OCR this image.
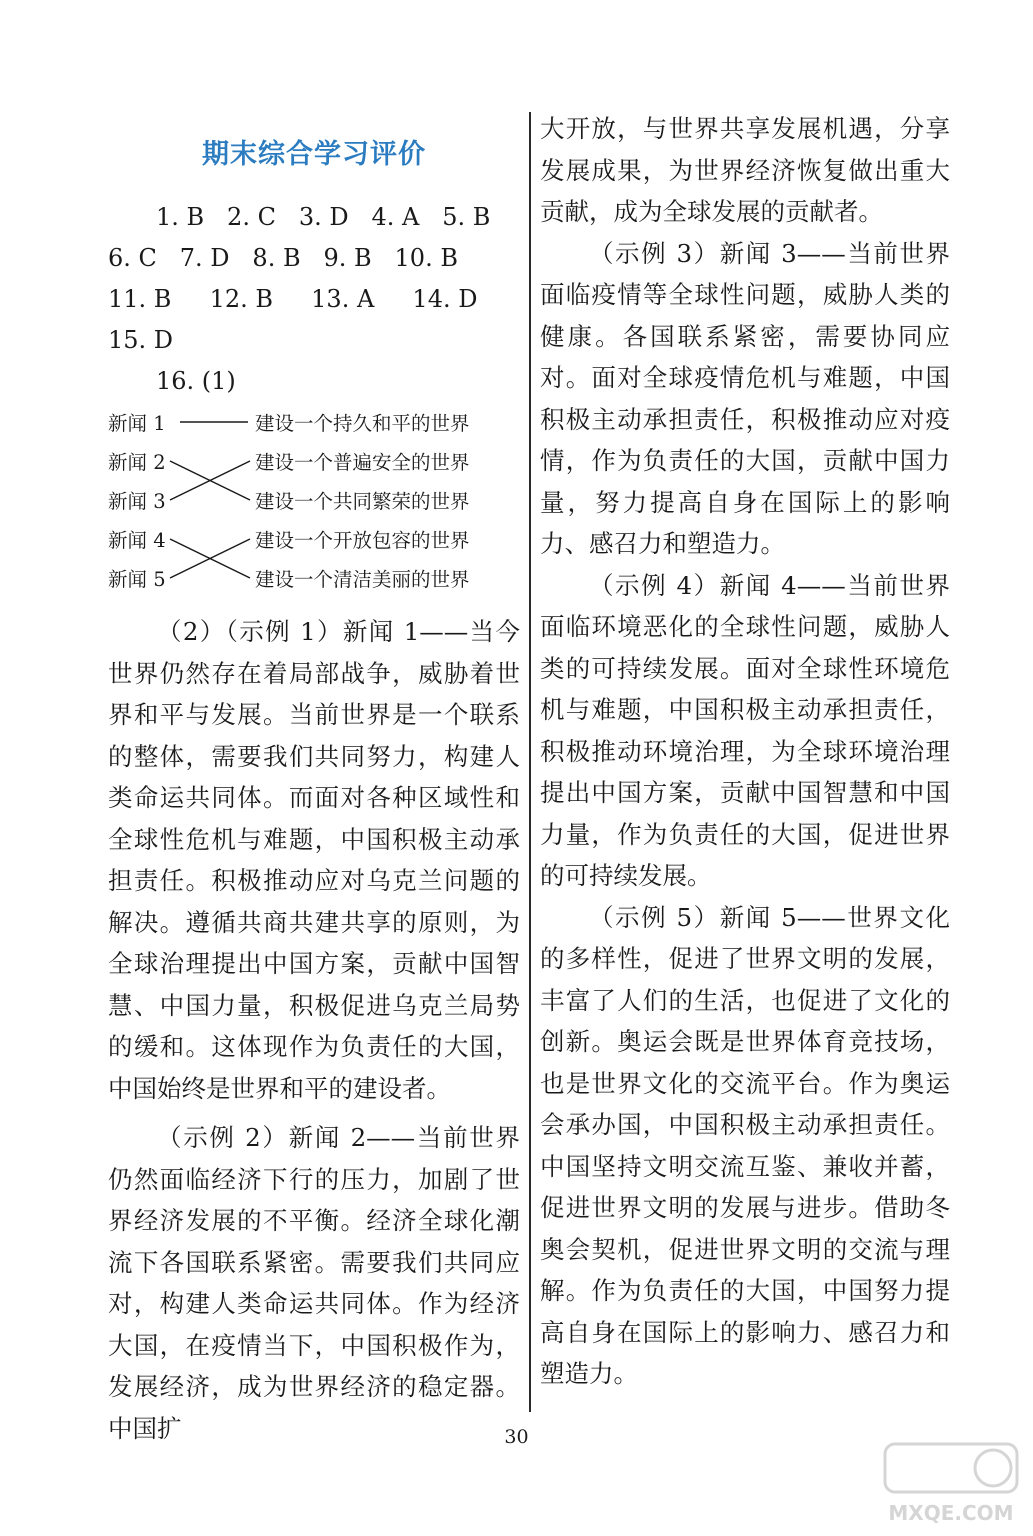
期末综合学习评价
1. B   2. C   3. D   4. A   5. B
6. C   7. D   8. B   9. B   10. B
11. B     12. B     13. A     14. D
15. D
16. (1)
新闻 1
新闻 2
新闻 3
新闻 4
新闻 5
建设一个持久和平的世界
建设一个普遍安全的世界
建设一个共同繁荣的世界
建设一个开放包容的世界
建设一个清洁美丽的世界

（2）（示例 1）新闻 1——当今世界仍然存在着局部战争，威胁着世界和平与发展。当前世界是一个联系的整体，需要我们共同努力，构建人类命运共同体。而面对各种区域性和全球性危机与难题，中国积极主动承担责任。积极推动应对乌克兰问题的解决。遵循共商共建共享的原则，为全球治理提出中国方案，贡献中国智慧、中国力量，积极促进乌克兰局势的缓和。这体现作为负责任的大国，中国始终是世界和平的建设者。

（示例 2）新闻 2——当前世界仍然面临经济下行的压力，加剧了世界经济发展的不平衡。经济全球化潮流下各国联系紧密。需要我们共同应对，构建人类命运共同体。作为经济大国，在疫情当下，中国积极作为，发展经济，成为世界经济的稳定器。中国扩

大开放，与世界共享发展机遇，分享发展成果，为世界经济恢复做出重大贡献，成为全球发展的贡献者。

（示例 3）新闻 3——当前世界面临疫情等全球性问题，威胁人类的健康。各国联系紧密，需要协同应对。面对全球疫情危机与难题，中国积极主动承担责任，积极推动应对疫情，作为负责任的大国，贡献中国力量，努力提高自身在国际上的影响力、感召力和塑造力。

（示例 4）新闻 4——当前世界面临环境恶化的全球性问题，威胁人类的可持续发展。面对全球性环境危机与难题，中国积极主动承担责任，积极推动环境治理，为全球环境治理提出中国方案，贡献中国智慧和中国力量，作为负责任的大国，促进世界的可持续发展。

（示例 5）新闻 5——世界文化的多样性，促进了世界文明的发展，丰富了人们的生活，也促进了文化的创新。奥运会既是世界体育竞技场，也是世界文化的交流平台。作为奥运会承办国，中国积极主动承担责任。中国坚持文明交流互鉴、兼收并蓄，促进世界文明的发展与进步。借助冬奥会契机，促进世界文明的交流与理解。作为负责任的大国，中国努力提高自身在国际上的影响力、感召力和塑造力。

30
MXQE.COM
